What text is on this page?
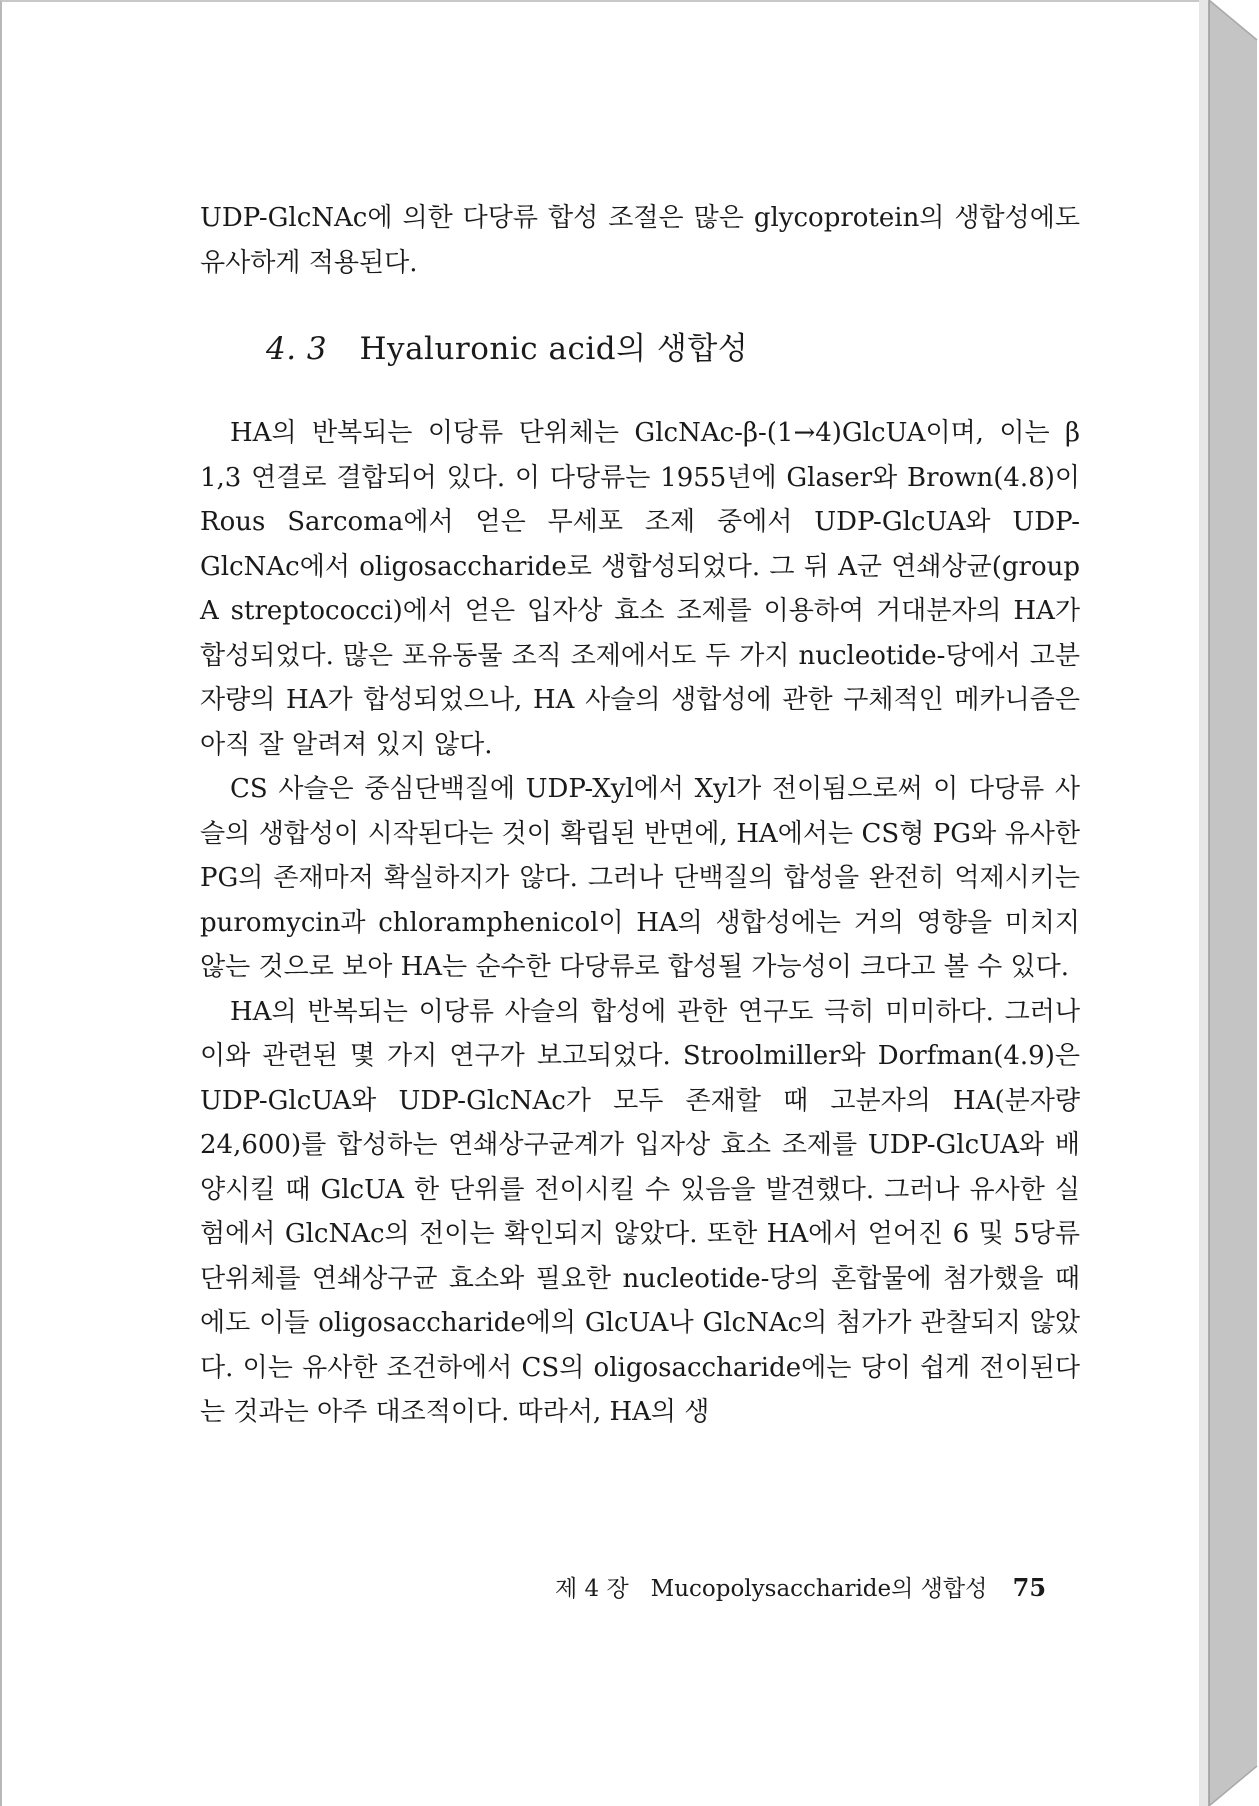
UDP-GlcNAc에 의한 다당류 합성 조절은 많은 glycoprotein의 생합성에도 유사하게 적용된다.

4. 3 Hyaluronic acid의 생합성

HA의 반복되는 이당류 단위체는 GlcNAc-β-(1→4)GlcUA이며, 이는 β 1,3 연결로 결합되어 있다. 이 다당류는 1955년에 Glaser와 Brown(4.8)이 Rous Sarcoma에서 얻은 무세포 조제 중에서 UDP-GlcUA와 UDP-GlcNAc에서 oligosaccharide로 생합성되었다. 그 뒤 A군 연쇄상균(group A streptococci)에서 얻은 입자상 효소 조제를 이용하여 거대분자의 HA가 합성되었다. 많은 포유동물 조직 조제에서도 두 가지 nucleotide-당에서 고분자량의 HA가 합성되었으나, HA 사슬의 생합성에 관한 구체적인 메카니즘은 아직 잘 알려져 있지 않다.

CS 사슬은 중심단백질에 UDP-Xyl에서 Xyl가 전이됨으로써 이 다당류 사슬의 생합성이 시작된다는 것이 확립된 반면에, HA에서는 CS형 PG와 유사한 PG의 존재마저 확실하지가 않다. 그러나 단백질의 합성을 완전히 억제시키는 puromycin과 chloramphenicol이 HA의 생합성에는 거의 영향을 미치지 않는 것으로 보아 HA는 순수한 다당류로 합성될 가능성이 크다고 볼 수 있다.

HA의 반복되는 이당류 사슬의 합성에 관한 연구도 극히 미미하다. 그러나 이와 관련된 몇 가지 연구가 보고되었다. Stroolmiller와 Dorfman(4.9)은 UDP-GlcUA와 UDP-GlcNAc가 모두 존재할 때 고분자의 HA(분자량 24,600)를 합성하는 연쇄상구균계가 입자상 효소 조제를 UDP-GlcUA와 배양시킬 때 GlcUA 한 단위를 전이시킬 수 있음을 발견했다. 그러나 유사한 실험에서 GlcNAc의 전이는 확인되지 않았다. 또한 HA에서 얻어진 6 및 5당류 단위체를 연쇄상구균 효소와 필요한 nucleotide-당의 혼합물에 첨가했을 때에도 이들 oligosaccharide에의 GlcUA나 GlcNAc의 첨가가 관찰되지 않았다. 이는 유사한 조건하에서 CS의 oligosaccharide에는 당이 쉽게 전이된다는 것과는 아주 대조적이다. 따라서, HA의 생

제 4 장 Mucopolysaccharide의 생합성 75
